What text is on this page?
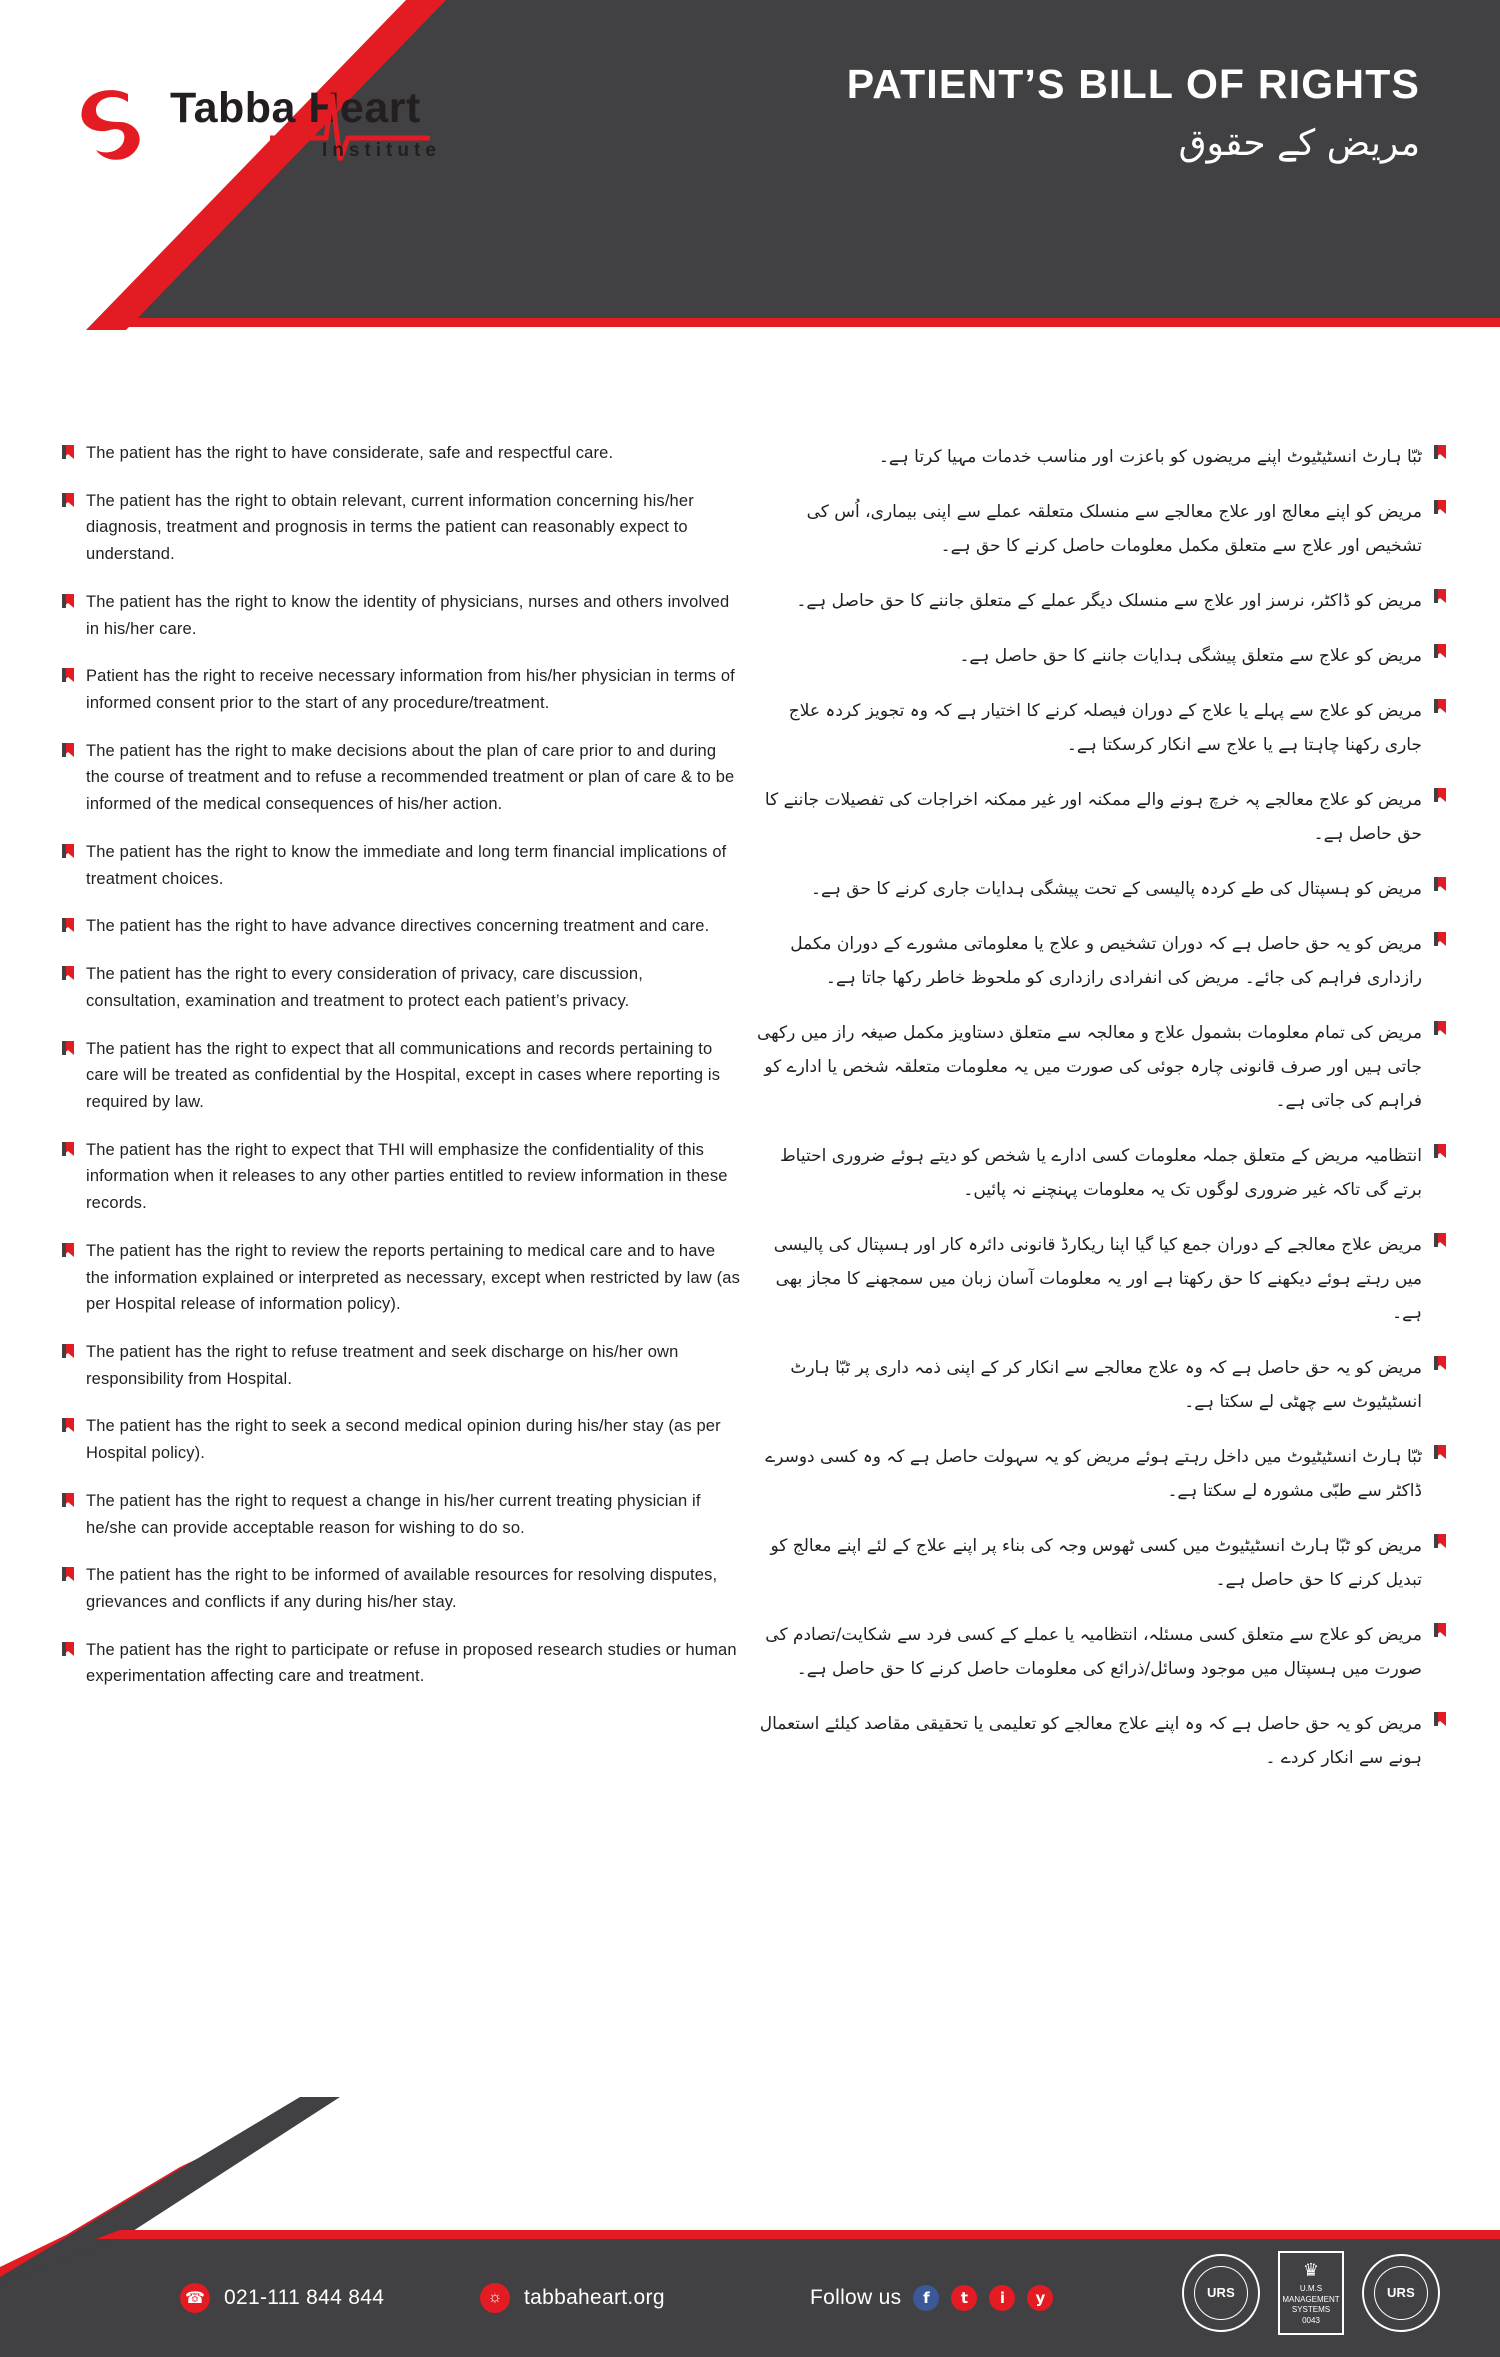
Tabba Heart
Institute
PATIENT’S BILL OF RIGHTS
مریض کے حقوق
The patient has the right to have considerate, safe and respectful care.
The patient has the right to obtain relevant, current information concerning his/her diagnosis, treatment and prognosis in terms the patient can reasonably expect to understand.
The patient has the right to know the identity of physicians, nurses and others involved in his/her care.
Patient has the right to receive necessary information from his/her physician in terms of informed consent prior to the start of any procedure/treatment.
The patient has the right to make decisions about the plan of care prior to and during the course of treatment and to refuse a recommended treatment or plan of care & to be informed of the medical consequences of his/her action.
The patient has the right to know the immediate and long term financial implications of treatment choices.
The patient has the right to have advance directives concerning treatment and care.
The patient has the right to every consideration of privacy, care discussion, consultation, examination and treatment to protect each patient’s privacy.
The patient has the right to expect that all communications and records pertaining to care will be treated as confidential by the Hospital, except in cases where reporting is required by law.
The patient has the right to expect that THI will emphasize the confidentiality of this information when it releases to any other parties entitled to review information in these records.
The patient has the right to review the reports pertaining to medical care and to have the information explained or interpreted as necessary, except when restricted by law (as per Hospital release of information policy).
The patient has the right to refuse treatment and seek discharge on his/her own responsibility from Hospital.
The patient has the right to seek a second medical opinion during his/her stay (as per Hospital policy).
The patient has the right to request a change in his/her current treating physician if he/she can provide acceptable reason for wishing to do so.
The patient has the right to be informed of available resources for resolving disputes, grievances and conflicts if any during his/her stay.
The patient has the right to participate or refuse in proposed research studies or human experimentation affecting care and treatment.
ٹبّا ہارٹ انسٹیٹیوٹ اپنے مریضوں کو باعزت اور مناسب خدمات مہیا کرتا ہے۔
مریض کو اپنے معالج اور علاج معالجے سے منسلک متعلقہ عملے سے اپنی بیماری، اُس کی تشخیص اور علاج سے متعلق مکمل معلومات حاصل کرنے کا حق ہے۔
مریض کو ڈاکٹر، نرسز اور علاج سے منسلک دیگر عملے کے متعلق جاننے کا حق حاصل ہے۔
مریض کو علاج سے متعلق پیشگی ہدایات جاننے کا حق حاصل ہے۔
مریض کو علاج سے پہلے یا علاج کے دوران فیصلہ کرنے کا اختیار ہے کہ وہ تجویز کردہ علاج جاری رکھنا چاہتا ہے یا علاج سے انکار کرسکتا ہے۔
مریض کو علاج معالجے پہ خرچ ہونے والے ممکنہ اور غیر ممکنہ اخراجات کی تفصیلات جاننے کا حق حاصل ہے۔
مریض کو ہسپتال کی طے کردہ پالیسی کے تحت پیشگی ہدایات جاری کرنے کا حق ہے۔
مریض کو یہ حق حاصل ہے کہ دوران تشخیص و علاج یا معلوماتی مشورے کے دوران مکمل رازداری فراہم کی جائے۔ مریض کی انفرادی رازداری کو ملحوظ خاطر رکھا جاتا ہے۔
مریض کی تمام معلومات بشمول علاج و معالجہ سے متعلق دستاویز مکمل صیغہ راز میں رکھی جاتی ہیں اور صرف قانونی چارہ جوئی کی صورت میں یہ معلومات متعلقہ شخص یا ادارے کو فراہم کی جاتی ہے۔
انتظامیہ مریض کے متعلق جملہ معلومات کسی ادارے یا شخص کو دیتے ہوئے ضروری احتیاط برتے گی تاکہ غیر ضروری لوگوں تک یہ معلومات پہنچنے نہ پائیں۔
مریض علاج معالجے کے دوران جمع کیا گیا اپنا ریکارڈ قانونی دائرہ کار اور ہسپتال کی پالیسی میں رہتے ہوئے دیکھنے کا حق رکھتا ہے اور یہ معلومات آسان زبان میں سمجھنے کا مجاز بھی ہے۔
مریض کو یہ حق حاصل ہے کہ وہ علاج معالجے سے انکار کر کے اپنی ذمہ داری پر ٹبّا ہارٹ انسٹیٹیوٹ سے چھٹی لے سکتا ہے۔
ٹبّا ہارٹ انسٹیٹیوٹ میں داخل رہتے ہوئے مریض کو یہ سہولت حاصل ہے کہ وہ کسی دوسرے ڈاکٹر سے طبّی مشورہ لے سکتا ہے۔
مریض کو ٹبّا ہارٹ انسٹیٹیوٹ میں کسی ٹھوس وجہ کی بناء پر اپنے علاج کے لئے اپنے معالج کو تبدیل کرنے کا حق حاصل ہے۔
مریض کو علاج سے متعلق کسی مسئلہ، انتظامیہ یا عملے کے کسی فرد سے شکایت/تصادم کی صورت میں ہسپتال میں موجود وسائل/ذرائع کی معلومات حاصل کرنے کا حق حاصل ہے۔
مریض کو یہ حق حاصل ہے کہ وہ اپنے علاج معالجے کو تعلیمی یا تحقیقی مقاصد کیلئے استعمال ہونے سے انکار کردے ۔
☎ 021-111 844 844	☼	tabbaheart.org	Follow us	f	t	i	y	URS
♛
U.M.S
MANAGEMENT SYSTEMS
0043
URS
